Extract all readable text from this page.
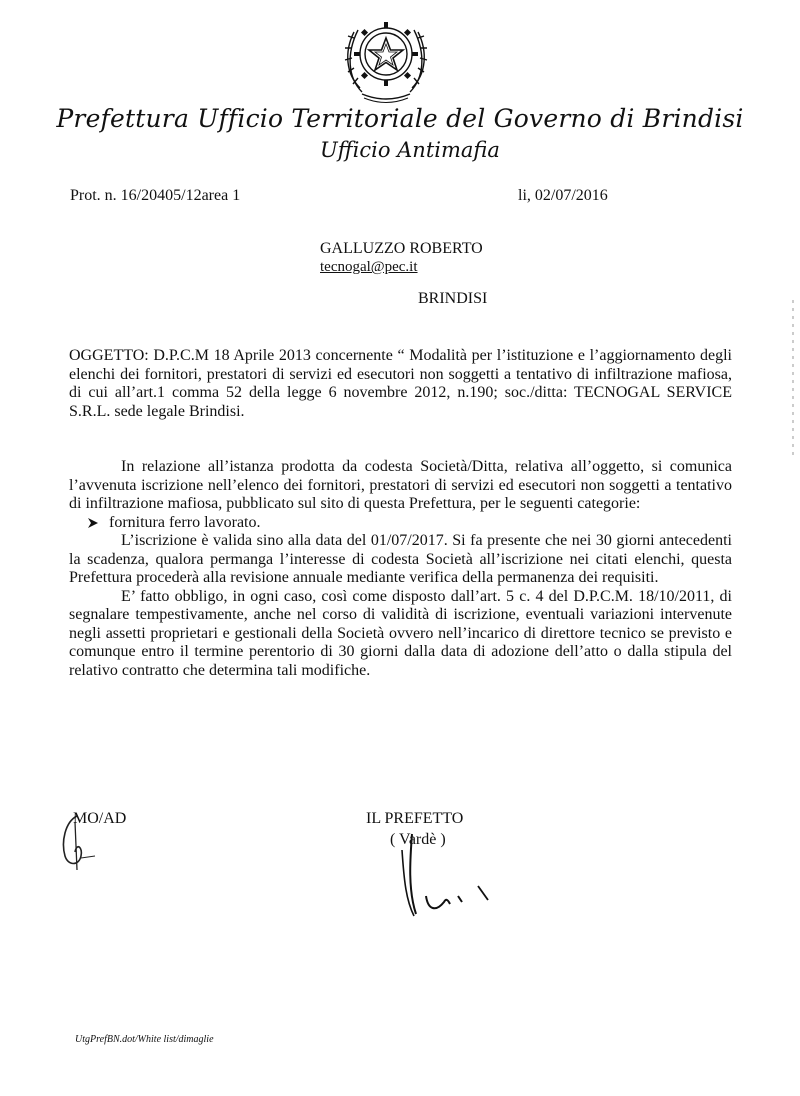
Prefettura Ufficio Territoriale del Governo di Brindisi
Ufficio Antimafia
Prot. n. 16/20405/12area 1	li, 02/07/2016
GALLUZZO ROBERTO
tecnogal@pec.it
BRINDISI
OGGETTO: D.P.C.M 18 Aprile 2013 concernente “ Modalità per l’istituzione e l’aggiornamento degli elenchi dei fornitori, prestatori di servizi ed esecutori non soggetti a tentativo di infiltrazione mafiosa, di cui all’art.1 comma 52 della legge 6 novembre 2012, n.190; soc./ditta: TECNOGAL SERVICE S.R.L. sede legale Brindisi.

In relazione all’istanza prodotta da codesta Società/Ditta, relativa all’oggetto, si comunica l’avvenuta iscrizione nell’elenco dei fornitori, prestatori di servizi ed esecutori non soggetti a tentativo di infiltrazione mafiosa, pubblicato sul sito di questa Prefettura, per le seguenti categorie:

fornitura ferro lavorato.

L’iscrizione è valida sino alla data del 01/07/2017. Si fa presente che nei 30 giorni antecedenti la scadenza, qualora permanga l’interesse di codesta Società all’iscrizione nei citati elenchi, questa Prefettura procederà alla revisione annuale mediante verifica della permanenza dei requisiti.

E’ fatto obbligo, in ogni caso, così come disposto dall’art. 5 c. 4 del D.P.C.M. 18/10/2011, di segnalare tempestivamente, anche nel corso di validità di iscrizione, eventuali variazioni intervenute negli assetti proprietari e gestionali della Società ovvero nell’incarico di direttore tecnico se previsto e comunque entro il termine perentorio di 30 giorni dalla data di adozione dell’atto o dalla stipula del relativo contratto che determina tali modifiche.

MO/AD	IL PREFETTO
( Vardè )
UtgPrefBN.dot/White list/dimaglie
